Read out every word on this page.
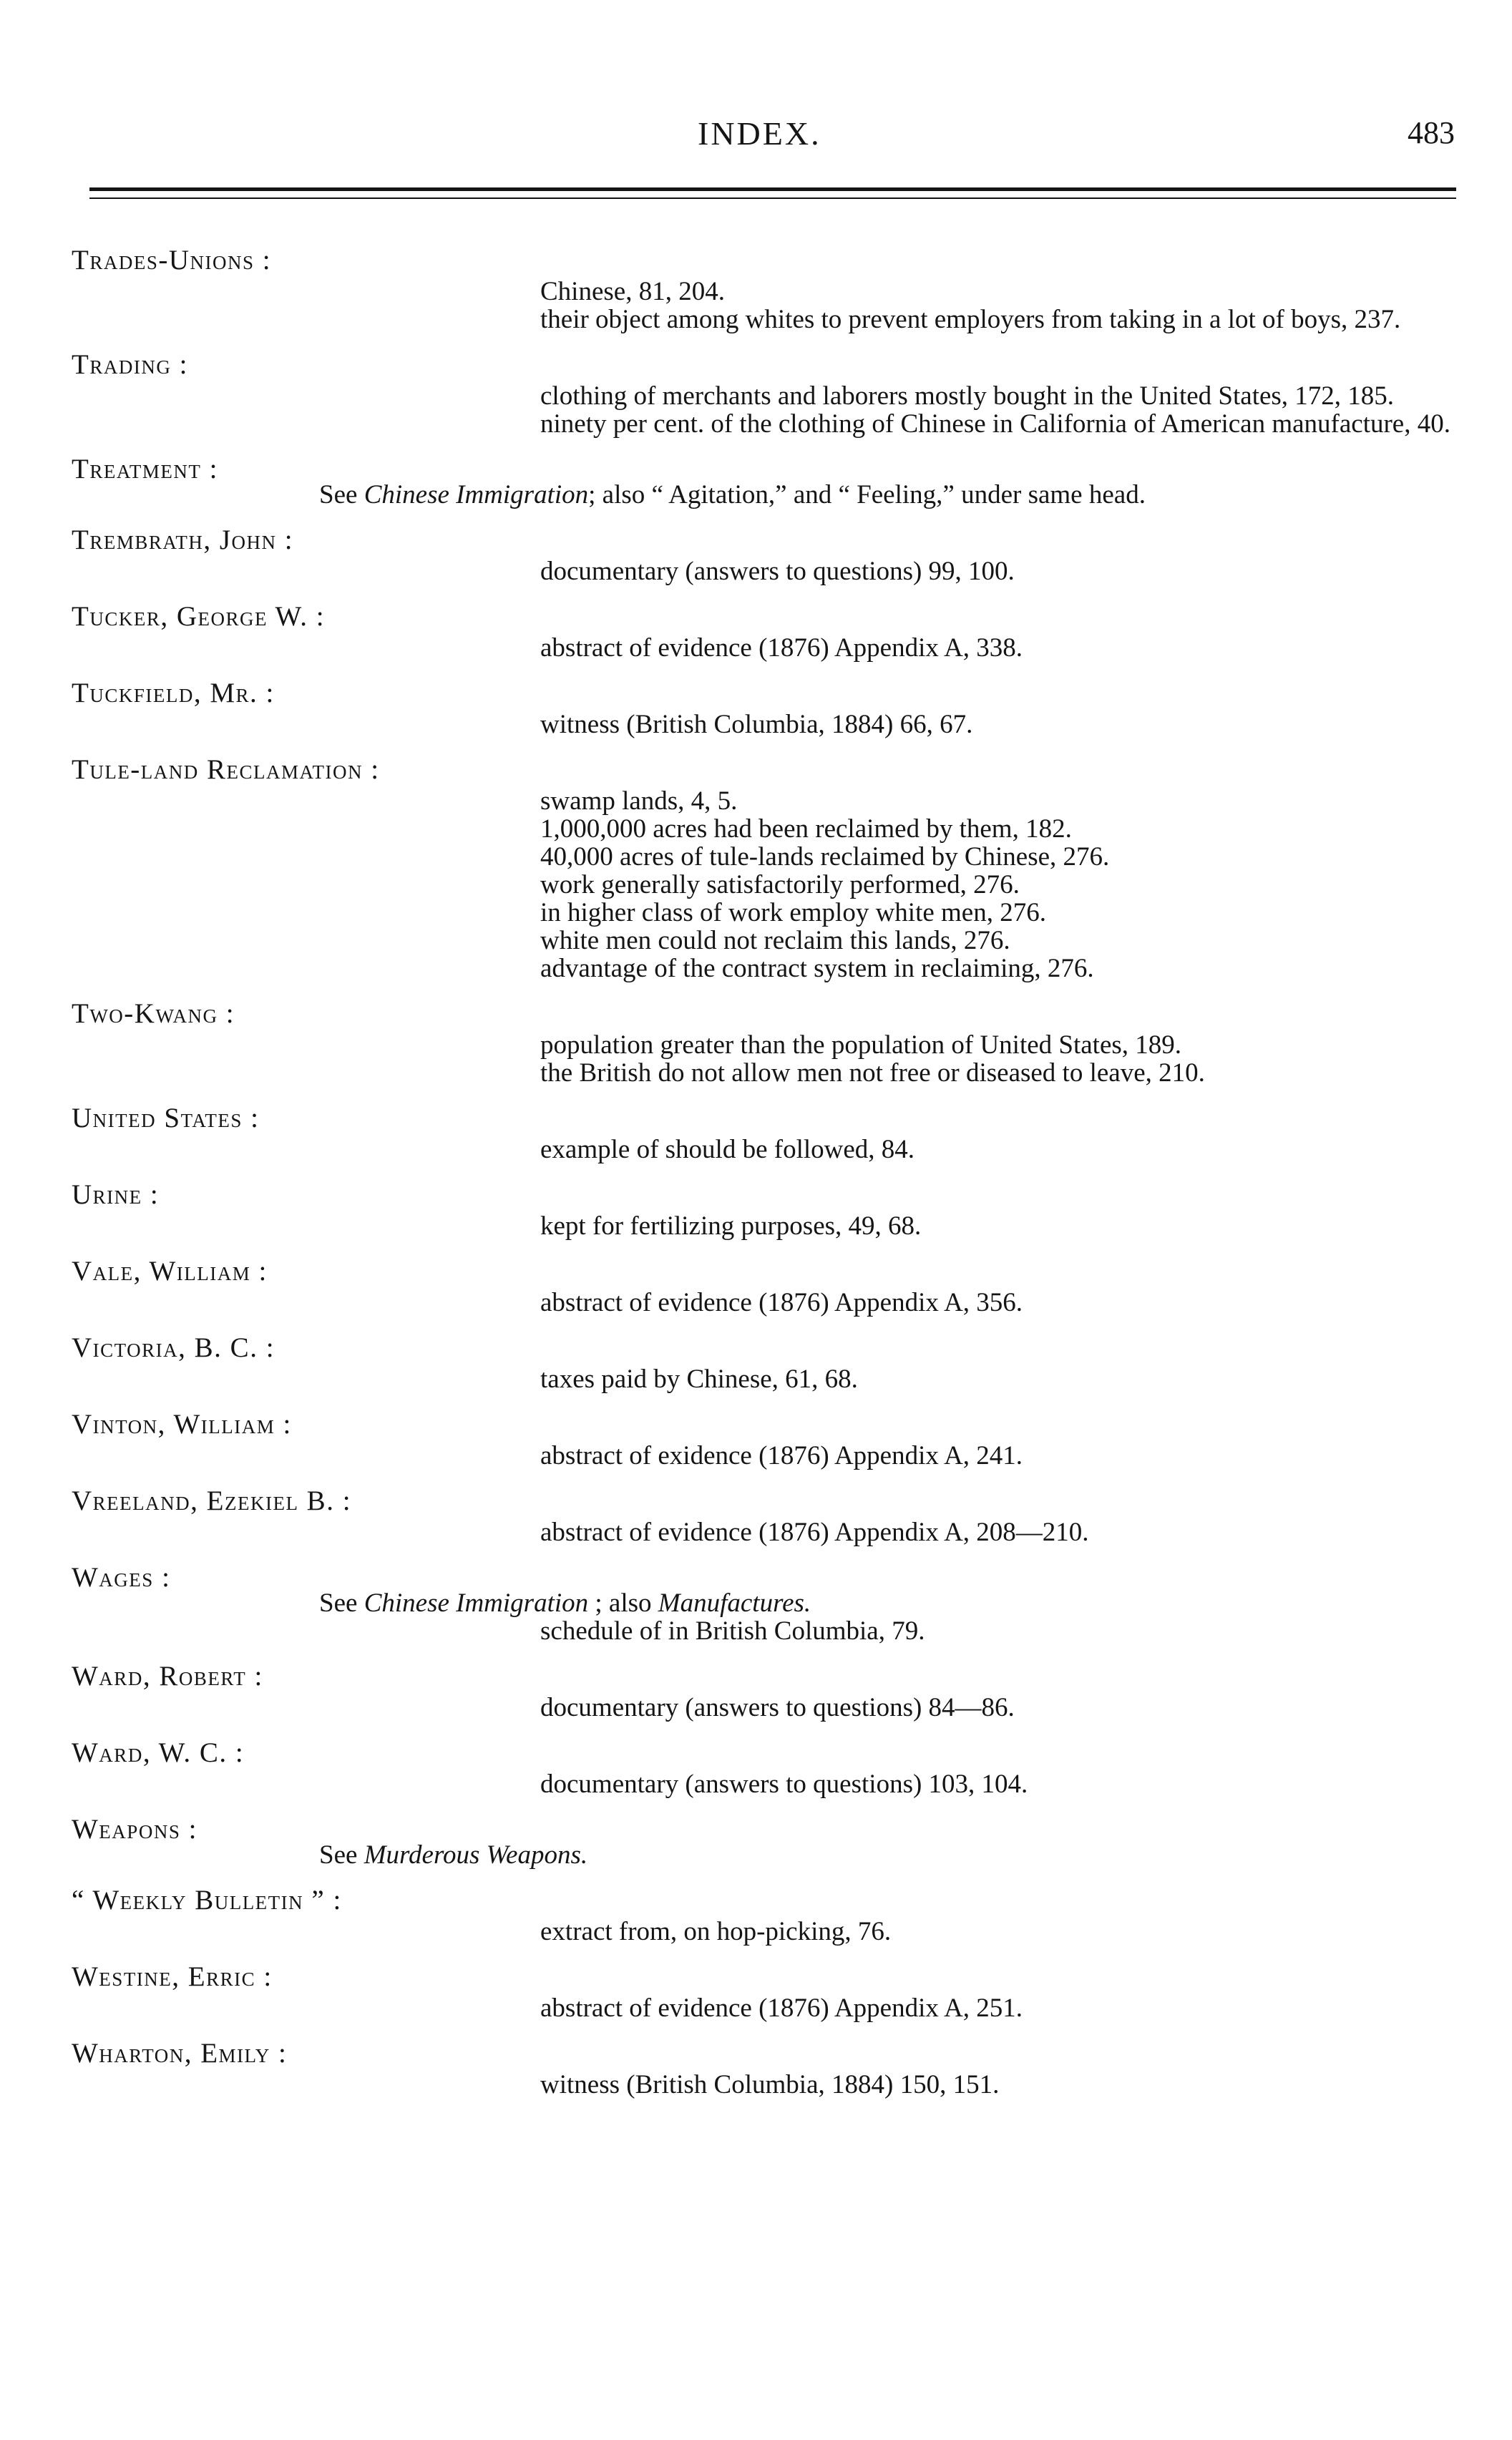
INDEX.	483
Trades-Unions :
Chinese, 81, 204.
their object among whites to prevent employers from taking in a lot of boys, 237.
Trading :
clothing of merchants and laborers mostly bought in the United States, 172, 185.
ninety per cent. of the clothing of Chinese in California of American manufacture, 40.
Treatment :
See Chinese Immigration; also “ Agitation,” and “ Feeling,” under same head.
Trembrath, John :
documentary (answers to questions) 99, 100.
Tucker, George W. :
abstract of evidence (1876) Appendix A, 338.
Tuckfield, Mr. :
witness (British Columbia, 1884) 66, 67.
Tule-land Reclamation :
swamp lands, 4, 5.
1,000,000 acres had been reclaimed by them, 182.
40,000 acres of tule-lands reclaimed by Chinese, 276.
work generally satisfactorily performed, 276.
in higher class of work employ white men, 276.
white men could not reclaim this lands, 276.
advantage of the contract system in reclaiming, 276.
Two-Kwang :
population greater than the population of United States, 189.
the British do not allow men not free or diseased to leave, 210.
United States :
example of should be followed, 84.
Urine :
kept for fertilizing purposes, 49, 68.
Vale, William :
abstract of evidence (1876) Appendix A, 356.
Victoria, B. C. :
taxes paid by Chinese, 61, 68.
Vinton, William :
abstract of exidence (1876) Appendix A, 241.
Vreeland, Ezekiel B. :
abstract of evidence (1876) Appendix A, 208—210.
Wages :
See Chinese Immigration ; also Manufactures.
schedule of in British Columbia, 79.
Ward, Robert :
documentary (answers to questions) 84—86.
Ward, W. C. :
documentary (answers to questions) 103, 104.
Weapons :
See Murderous Weapons.
“ Weekly Bulletin ” :
extract from, on hop-picking, 76.
Westine, Erric :
abstract of evidence (1876) Appendix A, 251.
Wharton, Emily :
witness (British Columbia, 1884) 150, 151.
